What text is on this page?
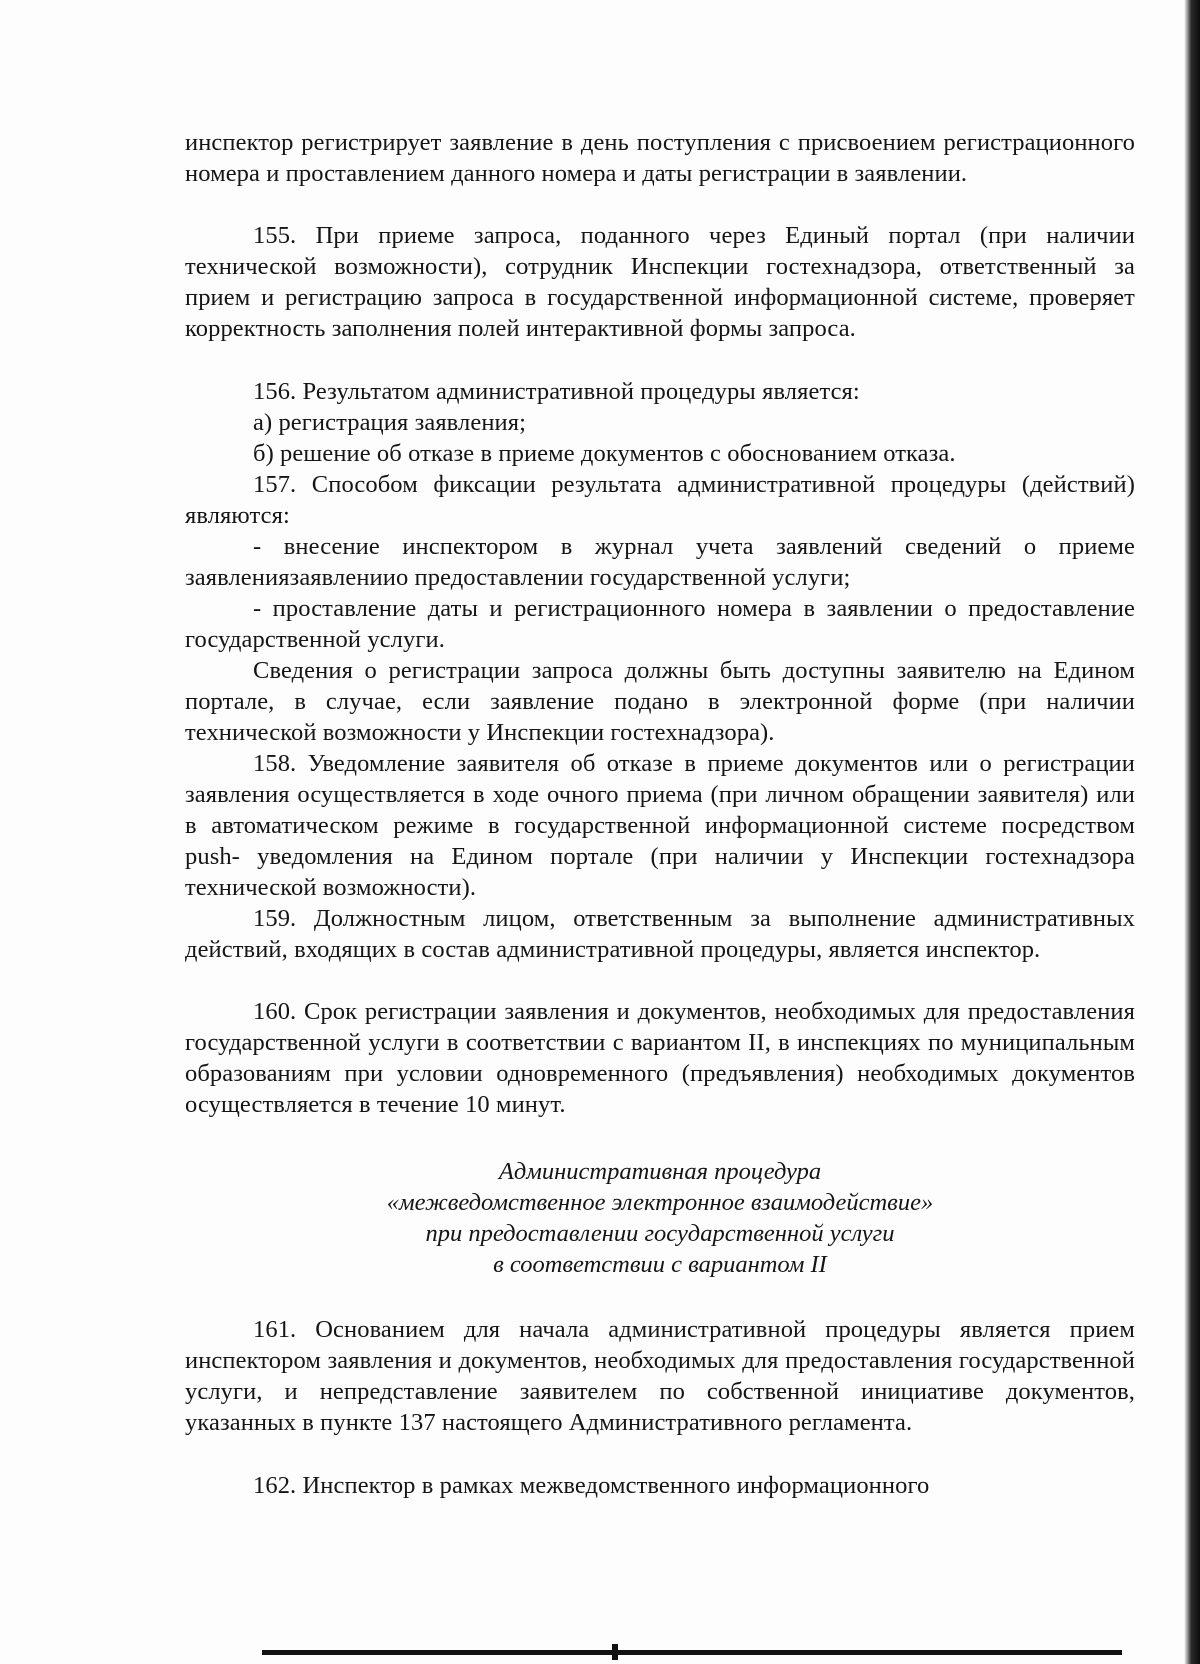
инспектор регистрирует заявление в день поступления с присвоением регистрационного номера и проставлением данного номера и даты регистрации в заявлении.
155. При приеме запроса, поданного через Единый портал (при наличии технической возможности), сотрудник Инспекции гостехнадзора, ответственный за прием и регистрацию запроса в государственной информационной системе, проверяет корректность заполнения полей интерактивной формы запроса.
156. Результатом административной процедуры является:
а) регистрация заявления;
б) решение об отказе в приеме документов с обоснованием отказа.
157. Способом фиксации результата административной процедуры (действий) являются:
- внесение инспектором в журнал учета заявлений сведений о приеме заявлениязаявлениио предоставлении государственной услуги;
- проставление даты и регистрационного номера в заявлении о предоставление государственной услуги.
Сведения о регистрации запроса должны быть доступны заявителю на Едином портале, в случае, если заявление подано в электронной форме (при наличии технической возможности у Инспекции гостехнадзора).
158. Уведомление заявителя об отказе в приеме документов или о регистрации заявления осуществляется в ходе очного приема (при личном обращении заявителя) или в автоматическом режиме в государственной информационной системе посредством push- уведомления на Едином портале (при наличии у Инспекции гостехнадзора технической возможности).
159. Должностным лицом, ответственным за выполнение административных действий, входящих в состав административной процедуры, является инспектор.
160. Срок регистрации заявления и документов, необходимых для предоставления государственной услуги в соответствии с вариантом II, в инспекциях по муниципальным образованиям при условии одновременного (предъявления) необходимых документов осуществляется в течение 10 минут.
Административная процедура
«межведомственное электронное взаимодействие»
при предоставлении государственной услуги
в соответствии с вариантом II
161. Основанием для начала административной процедуры является прием инспектором заявления и документов, необходимых для предоставления государственной услуги, и непредставление заявителем по собственной инициативе документов, указанных в пункте 137 настоящего Административного регламента.
162. Инспектор в рамках межведомственного информационного
